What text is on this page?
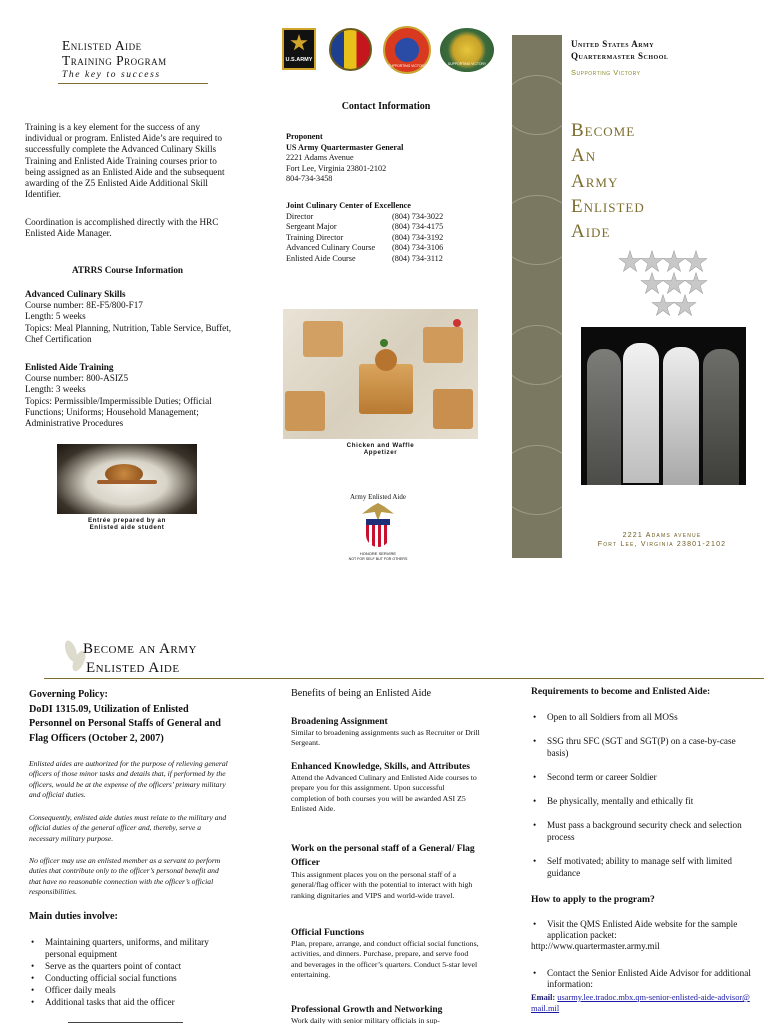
Enlisted Aide
Training Program
The key to success
Training is a key element for the success of any individual or program. Enlisted Aide’s are required to successfully complete the Advanced Culinary Skills Training and Enlisted Aide Training courses prior to being assigned as an Enlisted Aide and the subsequent awarding of the Z5 Enlisted Aide Additional Skill Identifier.
Coordination is accomplished directly with the HRC Enlisted Aide Manager.
ATRRS Course Information
Advanced Culinary Skills
Course number: 8E-F5/800-F17
Length: 5 weeks
Topics: Meal Planning, Nutrition, Table Service, Buffet, Chef Certification
Enlisted Aide Training
Course number: 800-ASIZ5
Length: 3 weeks
Topics: Permissible/Impermissible Duties; Official Functions; Uniforms; Household Management; Administrative Procedures
Entrée prepared by an
Enlisted aide student
U.S.ARMY
SUPPORTING VICTORY	SUPPORTING VICTORY
Contact Information
Proponent
US Army Quartermaster General
2221 Adams Avenue
Fort Lee, Virginia 23801-2102
804-734-3458
Joint Culinary Center of Excellence
Director	(804) 734-3022
Sergeant Major	(804) 734-4175
Training Director	(804) 734-3192
Advanced Culinary Course	(804) 734-3106
Enlisted Aide Course	(804) 734-3112
Chicken and Waffle
Appetizer
Army Enlisted Aide
HONORE SERVIRE
NOT FOR SELF BUT FOR OTHERS
United States Army
Quartermaster School
Supporting Victory
Become
An
Army
Enlisted
Aide
2221 Adams avenue
Fort Lee, Virginia 23801-2102
Become an Army
Enlisted Aide
Governing Policy:
DoDI 1315.09, Utilization of Enlisted Personnel on Personal Staffs of General and Flag Officers (October 2, 2007)
Enlisted aides are authorized for the purpose of relieving general officers of those minor tasks and details that, if performed by the officers, would be at the expense of the officers’ primary military and official duties.
Consequently, enlisted aide duties must relate to the military and official duties of the general officer and, thereby, serve a necessary military purpose.
No officer may use an enlisted member as a servant to perform duties that contribute only to the officer’s personal benefit and that have no reasonable connection with the officer’s official responsibilities.
Main duties involve:
• Maintaining quarters, uniforms, and military personal equipment
• Serve as the quarters point of contact
• Conducting official social functions
• Officer daily meals
• Additional tasks that aid the officer
Benefits of being an Enlisted Aide
Broadening Assignment
Similar to broadening assignments such as Recruiter or Drill Sergeant.
Enhanced Knowledge, Skills, and Attributes
Attend the Advanced Culinary and Enlisted Aide courses to prepare you for this assignment. Upon successful completion of both courses you will be awarded ASI Z5 Enlisted Aide.
Work on the personal staff of a General/ Flag Officer
This assignment places you on the personal staff of a general/flag officer with the potential to interact with high ranking dignitaries and VIPS and world-wide travel.
Official Functions
Plan, prepare, arrange, and conduct official social functions, activities, and dinners. Purchase, prepare, and serve food and beverages in the officer’s quarters. Conduct 5-star level entertaining.
Professional Growth and Networking
Work daily with senior military officials in sup-
Requirements to become and Enlisted Aide:
• Open to all Soldiers from all MOSs
• SSG thru SFC (SGT and SGT(P) on a case-by-case basis)
• Second term or career Soldier
• Be physically, mentally and ethically fit
• Must pass a background security check and selection process
• Self motivated; ability to manage self with limited guidance
How to apply to the program?
• Visit the QMS Enlisted Aide website for the sample application packet:
http://www.quartermaster.army.mil
• Contact the Senior Enlisted Aide Advisor for additional information:
Email: usarmy.lee.tradoc.mbx.qm-senior-enlisted-aide-advisor@mail.mil
